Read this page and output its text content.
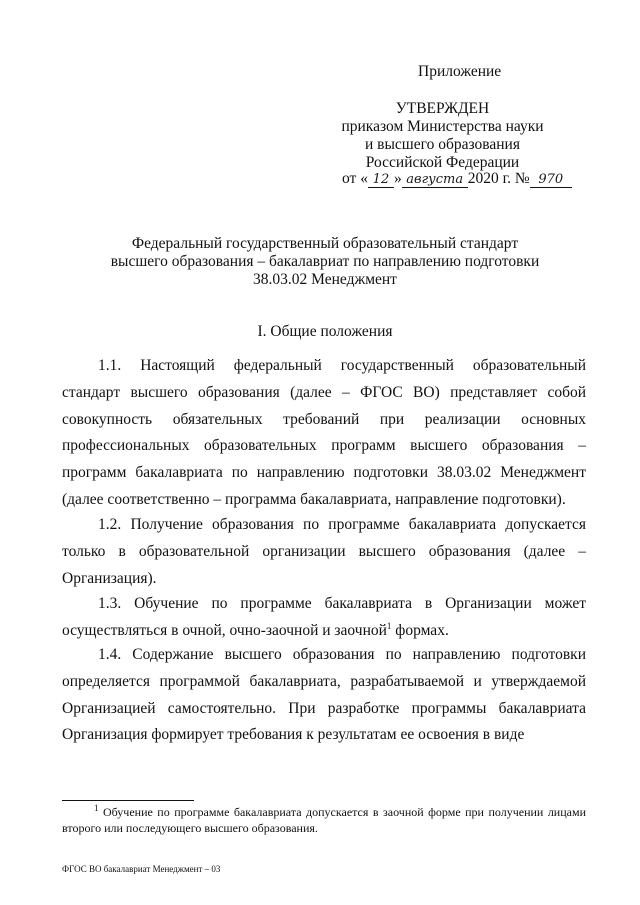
Приложение
УТВЕРЖДЕН
приказом Министерства науки
и высшего образования
Российской Федерации
от « 12 » августа 2020 г. № 970
Федеральный государственный образовательный стандарт
высшего образования – бакалавриат по направлению подготовки
38.03.02 Менеджмент
I. Общие положения
1.1. Настоящий федеральный государственный образовательный стандарт высшего образования (далее – ФГОС ВО) представляет собой совокупность обязательных требований при реализации основных профессиональных образовательных программ высшего образования – программ бакалавриата по направлению подготовки 38.03.02 Менеджмент (далее соответственно – программа бакалавриата, направление подготовки).
1.2. Получение образования по программе бакалавриата допускается только в образовательной организации высшего образования (далее – Организация).
1.3. Обучение по программе бакалавриата в Организации может осуществляться в очной, очно-заочной и заочной$^1$ формах.
1.4. Содержание высшего образования по направлению подготовки определяется программой бакалавриата, разрабатываемой и утверждаемой Организацией самостоятельно. При разработке программы бакалавриата Организация формирует требования к результатам ее освоения в виде
$^1$ Обучение по программе бакалавриата допускается в заочной форме при получении лицами второго или последующего высшего образования.
ФГОС ВО бакалавриат Менеджмент – 03
